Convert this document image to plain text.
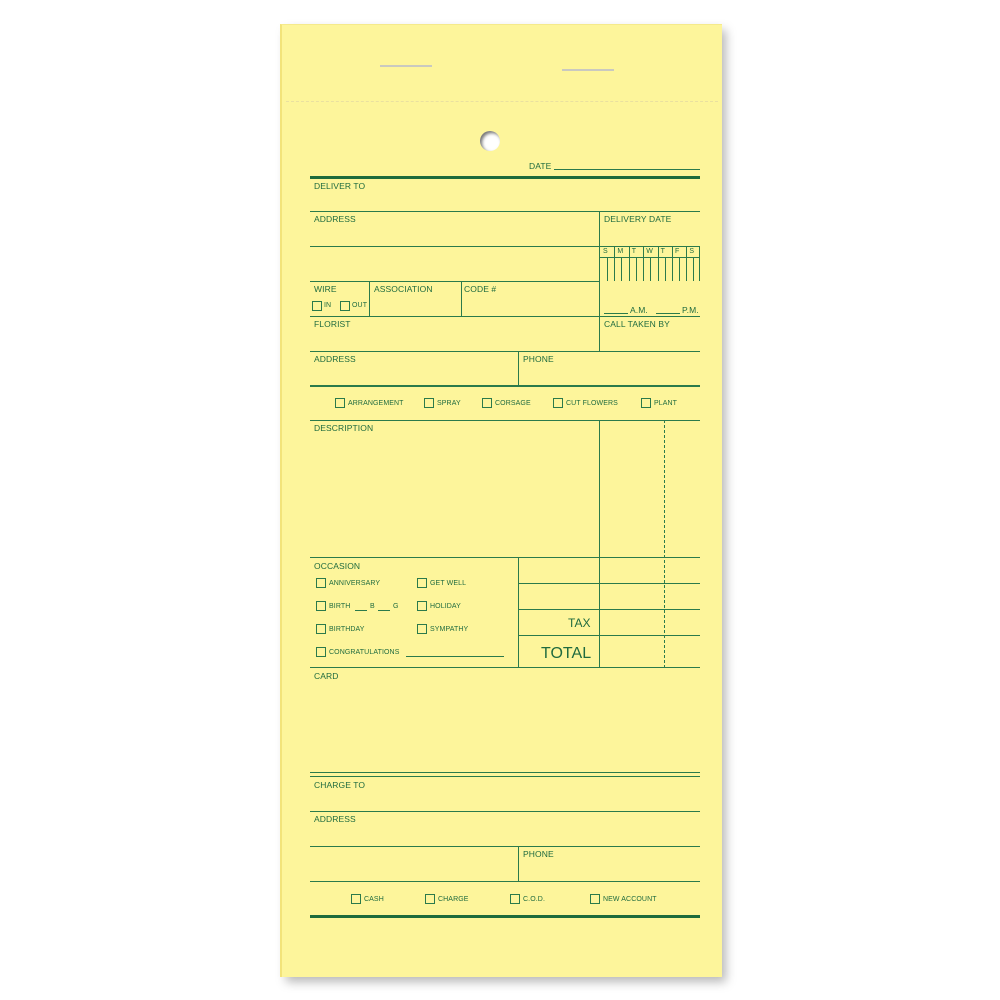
DATE
DELIVER TO
ADDRESS	DELIVERY DATE
S M T W T F S
A.M.	P.M.
WIRE	ASSOCIATION	CODE #
IN	OUT
FLORIST	CALL TAKEN BY
ADDRESS	PHONE
ARRANGEMENT	SPRAY	CORSAGE	CUT FLOWERS	PLANT
DESCRIPTION
OCCASION
ANNIVERSARY	GET WELL
BIRTH	B	G	HOLIDAY
BIRTHDAY	SYMPATHY
CONGRATULATIONS
TAX
TOTAL
CARD
CHARGE TO
ADDRESS
PHONE
CASH	CHARGE	C.O.D.	NEW ACCOUNT
